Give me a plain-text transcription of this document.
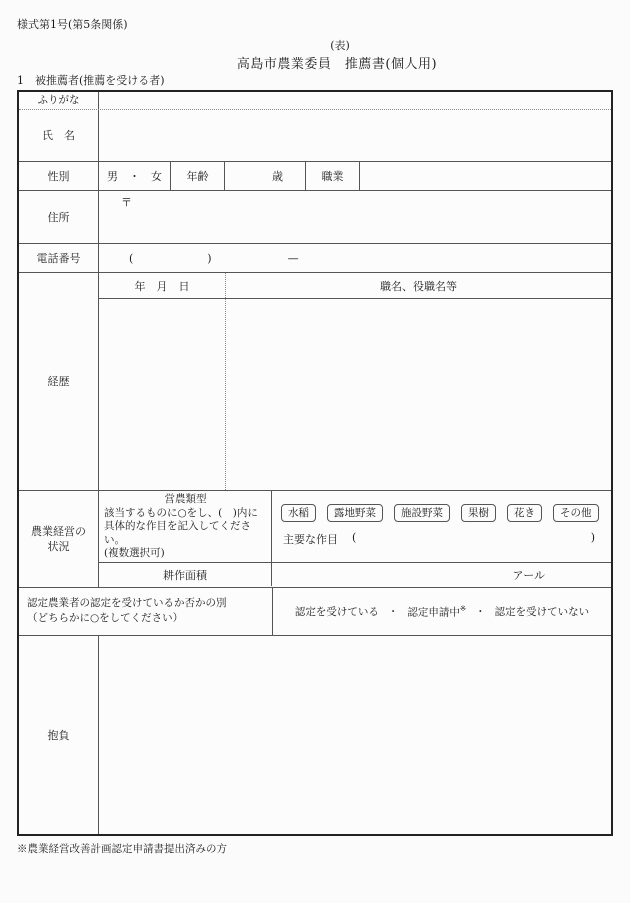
様式第1号(第5条関係)
(表)
高島市農業委員　推薦書(個人用)
1　被推薦者(推薦を受ける者)
ふりがな
氏　名
性別	男　・　女	年齢	歳	職業
住所
〒
電話番号	(	)	—
経歴
年　月　日	職名、役職名等
農業経営の状況
営農類型
該当するものに○をし、(　)内に具体的な作目を記入してください。
(複数選択可)
水稲	露地野菜	施設野菜	果樹	花き	その他
主要な作目 (	)
耕作面積	アール
認定農業者の認定を受けているか否かの別
（どちらかに○をしてください）	認定を受けている ・ 認定申請中※ ・ 認定を受けていない
抱負
※農業経営改善計画認定申請書提出済みの方
